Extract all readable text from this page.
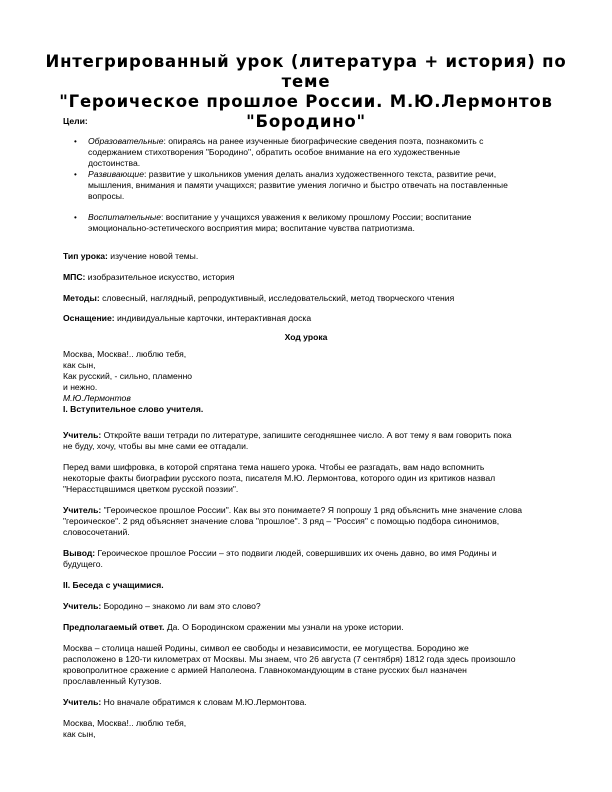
Интегрированный урок (литература + история) по теме
"Героическое прошлое России. М.Ю.Лермонтов
"Бородино"
Цели:
• Образовательные: опираясь на ранее изученные биографические сведения поэта, познакомить с
содержанием стихотворения "Бородино", обратить особое внимание на его художественные
достоинства.
• Развивающие: развитие у школьников умения делать анализ художественного текста, развитие речи,
мышления, внимания и памяти учащихся; развитие умения логично и быстро отвечать на поставленные
вопросы.
• Воспитательные: воспитание у учащихся уважения к великому прошлому России; воспитание
эмоционально-эстетического восприятия мира; воспитание чувства патриотизма.
Тип урока: изучение новой темы.
МПС: изобразительное искусство, история
Методы: словесный, наглядный, репродуктивный, исследовательский, метод творческого чтения
Оснащение: индивидуальные карточки, интерактивная доска
Ход урока
Москва, Москва!.. люблю тебя,
как сын,
Как русский, - сильно, пламенно
и нежно.
М.Ю.Лермонтов
I. Вступительное слово учителя.
Учитель: Откройте ваши тетради по литературе, запишите сегодняшнее число. А вот тему я вам говорить пока
не буду, хочу, чтобы вы мне сами ее отгадали.
Перед вами шифровка, в которой спрятана тема нашего урока. Чтобы ее разгадать, вам надо вспомнить
некоторые факты биографии русского поэта, писателя М.Ю. Лермонтова, которого один из критиков назвал
"Нерасстцвшимся цветком русской поэзии".
Учитель: "Героическое прошлое России". Как вы это понимаете? Я попрошу 1 ряд объяснить мне значение слова
"героическое". 2 ряд объясняет значение слова "прошлое". 3 ряд – "Россия" с помощью подбора синонимов,
словосочетаний.
Вывод: Героическое прошлое России – это подвиги людей, совершивших их очень давно, во имя Родины и
будущего.
II. Беседа с учащимися.
Учитель: Бородино – знакомо ли вам это слово?
Предполагаемый ответ. Да. О Бородинском сражении мы узнали на уроке истории.
Москва – столица нашей Родины, символ ее свободы и независимости, ее могущества. Бородино же
расположено в 120-ти километрах от Москвы. Мы знаем, что 26 августа (7 сентября) 1812 года здесь произошло
кровопролитное сражение с армией Наполеона. Главнокомандующим в стане русских был назначен
прославленный Кутузов.
Учитель: Но вначале обратимся к словам М.Ю.Лермонтова.
Москва, Москва!.. люблю тебя,
как сын,
